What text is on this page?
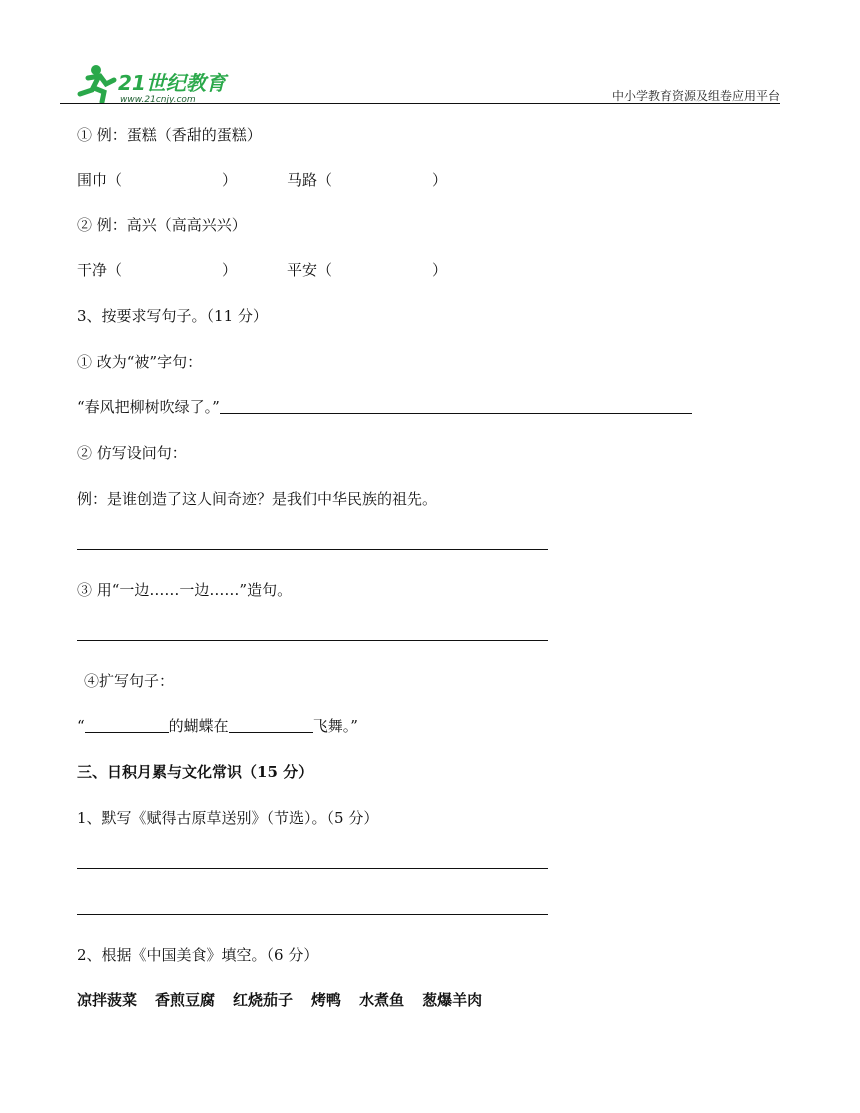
21世纪教育
www.21cnjy.com	中小学教育资源及组卷应用平台
① 例：蛋糕（香甜的蛋糕）
围巾（	）	马路（	）
② 例：高兴（高高兴兴）
干净（	）	平安（	）
3、按要求写句子。（11 分）
① 改为“被”字句：
“春风把柳树吹绿了。”
② 仿写设问句：
例：是谁创造了这人间奇迹？是我们中华民族的祖先。
③ 用“一边……一边……”造句。
④扩写句子：
“	的蝴蝶在	飞舞。”
三、日积月累与文化常识（15 分）
1、默写《赋得古原草送别》（节选）。（5 分）
2、根据《中国美食》填空。（6 分）
凉拌菠菜 香煎豆腐 红烧茄子 烤鸭 水煮鱼 葱爆羊肉
